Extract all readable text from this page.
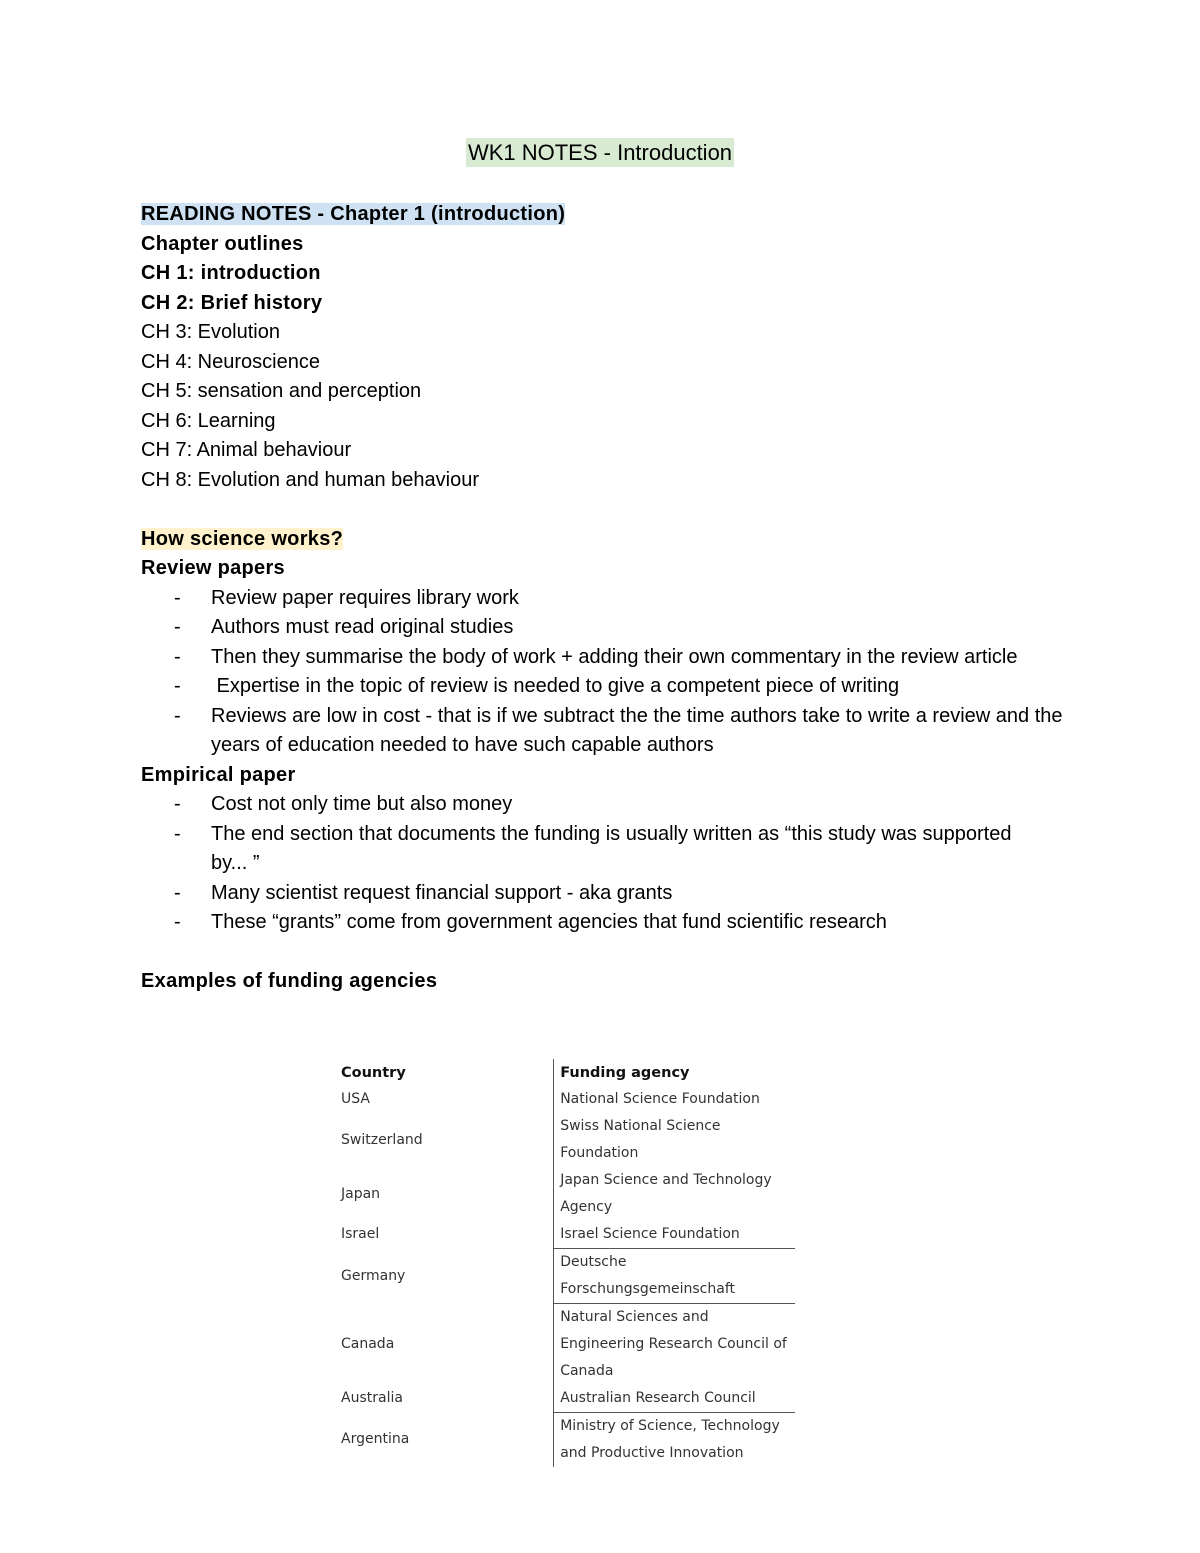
WK1 NOTES - Introduction
READING NOTES - Chapter 1 (introduction)
Chapter outlines
CH 1: introduction
CH 2: Brief history
CH 3: Evolution
CH 4: Neuroscience
CH 5: sensation and perception
CH 6: Learning
CH 7: Animal behaviour
CH 8: Evolution and human behaviour
How science works?
Review papers
- Review paper requires library work
- Authors must read original studies
- Then they summarise the body of work + adding their own commentary in the review article
- Expertise in the topic of review is needed to give a competent piece of writing
- Reviews are low in cost - that is if we subtract the the time authors take to write a review and the years of education needed to have such capable authors
Empirical paper
- Cost not only time but also money
- The end section that documents the funding is usually written as “this study was supported by... ”
- Many scientist request financial support - aka grants
- These “grants” come from government agencies that fund scientific research
Examples of funding agencies
Country	Funding agency
USA	National Science Foundation
Switzerland	Swiss National Science Foundation
Japan	Japan Science and Technology Agency
Israel	Israel Science Foundation
Germany	Deutsche Forschungsgemeinschaft
Canada	Natural Sciences and Engineering Research Council of Canada
Australia	Australian Research Council
Argentina	Ministry of Science, Technology and Productive Innovation
